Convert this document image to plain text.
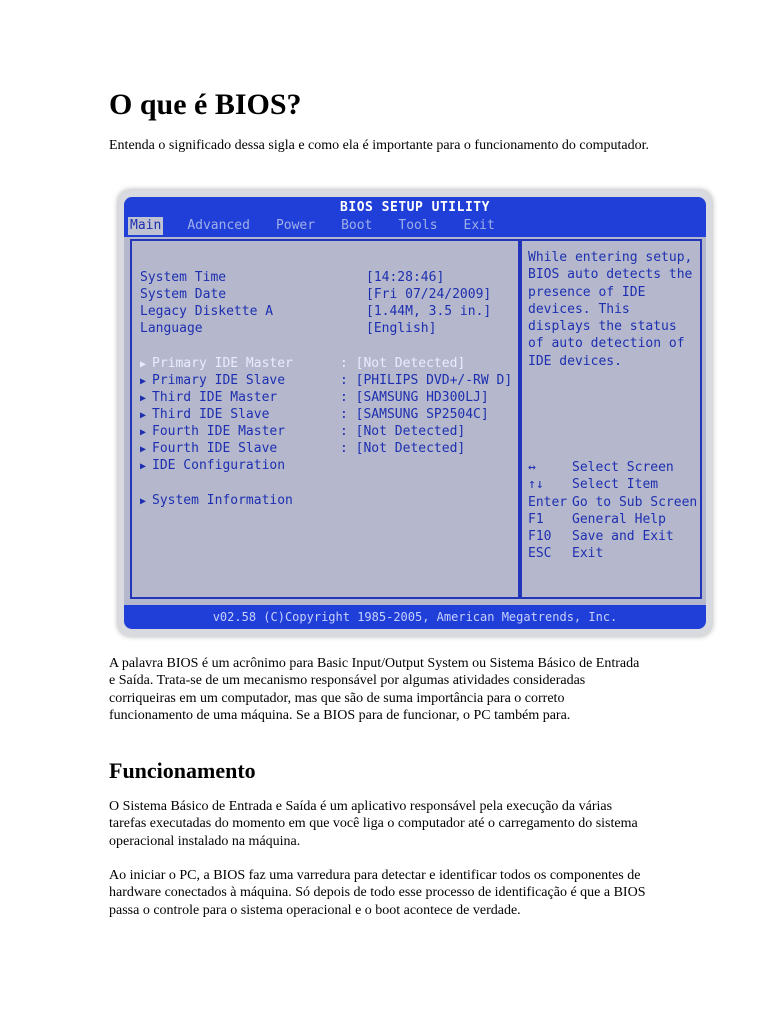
O que é BIOS?

Entenda o significado dessa sigla e como ela é importante para o funcionamento do computador.

BIOS SETUP UTILITY
Main Advanced Power Boot Tools Exit
System Time	[14:28:46]
System Date	[Fri 07/24/2009]
Legacy Diskette A	[1.44M, 3.5 in.]
Language	[English]
▶ Primary IDE Master	: [Not Detected]
▶ Primary IDE Slave	: [PHILIPS DVD+/-RW D]
▶ Third IDE Master	: [SAMSUNG HD300LJ]
▶ Third IDE Slave	: [SAMSUNG SP2504C]
▶ Fourth IDE Master	: [Not Detected]
▶ Fourth IDE Slave	: [Not Detected]
▶ IDE Configuration
▶ System Information
While entering setup, BIOS auto detects the presence of IDE devices. This displays the status of auto detection of IDE devices.
↔	Select Screen
↑↓ Select Item
Enter Go to Sub Screen
F1 General Help
F10 Save and Exit
ESC Exit
v02.58 (C)Copyright 1985-2005, American Megatrends, Inc.

A palavra BIOS é um acrônimo para Basic Input/Output System ou Sistema Básico de Entrada e Saída. Trata-se de um mecanismo responsável por algumas atividades consideradas corriqueiras em um computador, mas que são de suma importância para o correto funcionamento de uma máquina. Se a BIOS para de funcionar, o PC também para.

Funcionamento

O Sistema Básico de Entrada e Saída é um aplicativo responsável pela execução da várias tarefas executadas do momento em que você liga o computador até o carregamento do sistema operacional instalado na máquina.

Ao iniciar o PC, a BIOS faz uma varredura para detectar e identificar todos os componentes de hardware conectados à máquina. Só depois de todo esse processo de identificação é que a BIOS passa o controle para o sistema operacional e o boot acontece de verdade.
